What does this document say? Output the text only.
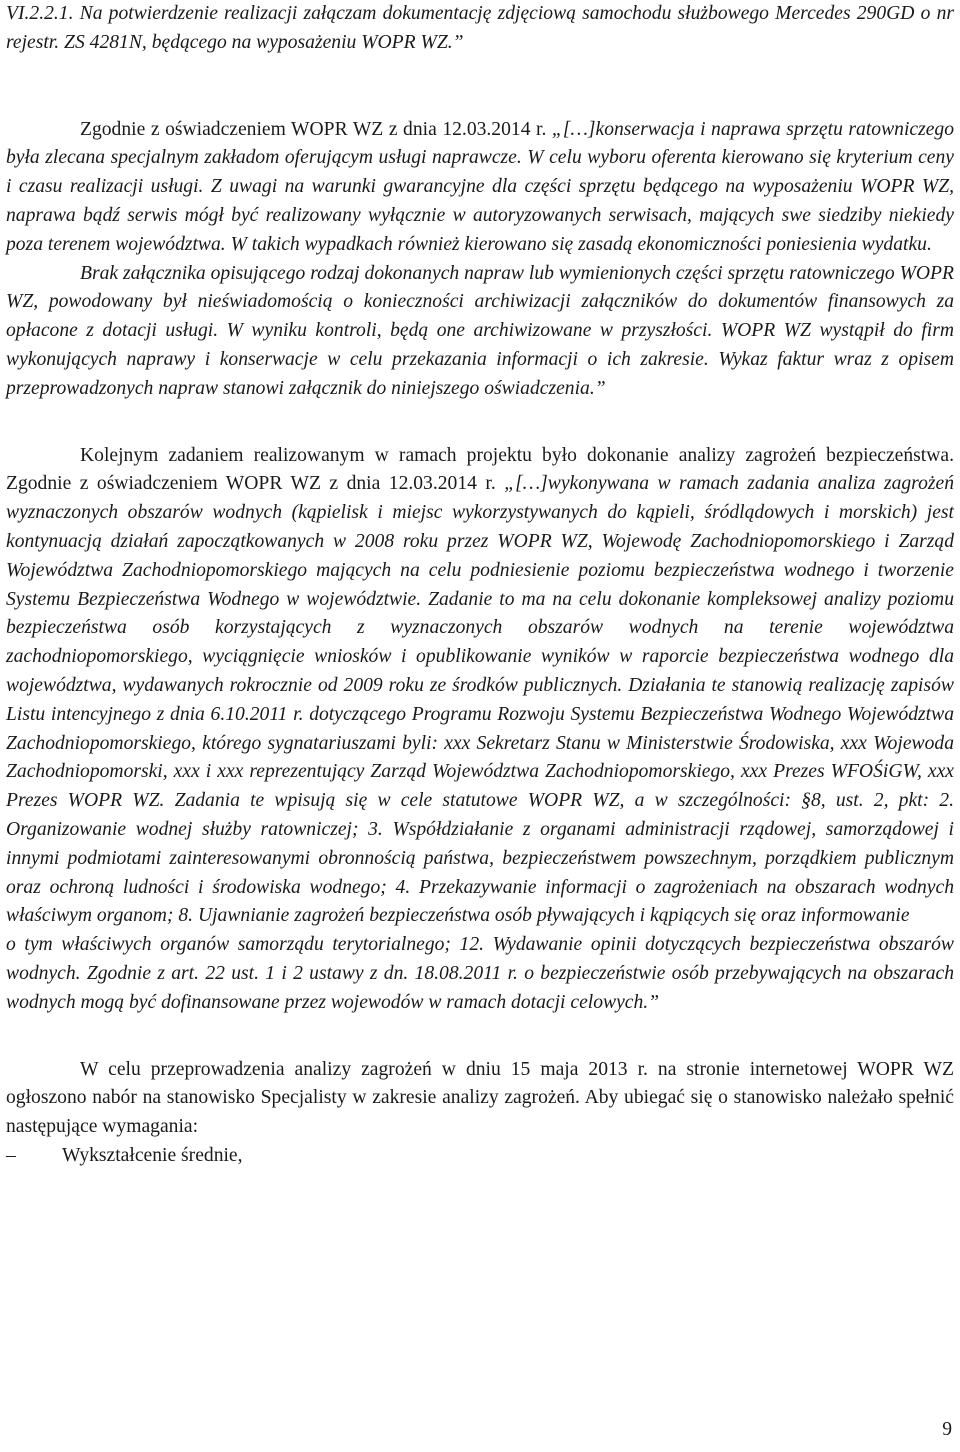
VI.2.2.1. Na potwierdzenie realizacji załączam dokumentację zdjęciową samochodu służbowego Mercedes 290GD o nr rejestr. ZS 4281N, będącego na wyposażeniu WOPR WZ.”

Zgodnie z oświadczeniem WOPR WZ z dnia 12.03.2014 r. „[…]konserwacja i naprawa sprzętu ratowniczego była zlecana specjalnym zakładom oferującym usługi naprawcze. W celu wyboru oferenta kierowano się kryterium ceny i czasu realizacji usługi. Z uwagi na warunki gwarancyjne dla części sprzętu będącego na wyposażeniu WOPR WZ, naprawa bądź serwis mógł być realizowany wyłącznie w autoryzowanych serwisach, mających swe siedziby niekiedy poza terenem województwa. W takich wypadkach również kierowano się zasadą ekonomiczności poniesienia wydatku.

Brak załącznika opisującego rodzaj dokonanych napraw lub wymienionych części sprzętu ratowniczego WOPR WZ, powodowany był nieświadomością o konieczności archiwizacji załączników do dokumentów finansowych za opłacone z dotacji usługi. W wyniku kontroli, będą one archiwizowane w przyszłości. WOPR WZ wystąpił do firm wykonujących naprawy i konserwacje w celu przekazania informacji o ich zakresie. Wykaz faktur wraz z opisem przeprowadzonych napraw stanowi załącznik do niniejszego oświadczenia.”

Kolejnym zadaniem realizowanym w ramach projektu było dokonanie analizy zagrożeń bezpieczeństwa. Zgodnie z oświadczeniem WOPR WZ z dnia 12.03.2014 r. „[…]wykonywana w ramach zadania analiza zagrożeń wyznaczonych obszarów wodnych (kąpielisk i miejsc wykorzystywanych do kąpieli, śródlądowych i morskich) jest kontynuacją działań zapoczątkowanych w 2008 roku przez WOPR WZ, Wojewodę Zachodniopomorskiego i Zarząd Województwa Zachodniopomorskiego mających na celu podniesienie poziomu bezpieczeństwa wodnego i tworzenie Systemu Bezpieczeństwa Wodnego w województwie. Zadanie to ma na celu dokonanie kompleksowej analizy poziomu bezpieczeństwa osób korzystających z wyznaczonych obszarów wodnych na terenie województwa zachodniopomorskiego, wyciągnięcie wniosków i opublikowanie wyników w raporcie bezpieczeństwa wodnego dla województwa, wydawanych rokrocznie od 2009 roku ze środków publicznych. Działania te stanowią realizację zapisów Listu intencyjnego z dnia 6.10.2011 r. dotyczącego Programu Rozwoju Systemu Bezpieczeństwa Wodnego Województwa Zachodniopomorskiego, którego sygnatariuszami byli: xxx Sekretarz Stanu w Ministerstwie Środowiska, xxx Wojewoda Zachodniopomorski, xxx i xxx reprezentujący Zarząd Województwa Zachodniopomorskiego, xxx Prezes WFOŚiGW, xxx Prezes WOPR WZ. Zadania te wpisują się w cele statutowe WOPR WZ, a w szczególności: §8, ust. 2, pkt: 2. Organizowanie wodnej służby ratowniczej; 3. Współdziałanie z organami administracji rządowej, samorządowej i innymi podmiotami zainteresowanymi obronnością państwa, bezpieczeństwem powszechnym, porządkiem publicznym oraz ochroną ludności i środowiska wodnego; 4. Przekazywanie informacji o zagrożeniach na obszarach wodnych właściwym organom; 8. Ujawnianie zagrożeń bezpieczeństwa osób pływających i kąpiących się oraz informowanie
o tym właściwych organów samorządu terytorialnego; 12. Wydawanie opinii dotyczących bezpieczeństwa obszarów wodnych. Zgodnie z art. 22 ust. 1 i 2 ustawy z dn. 18.08.2011 r. o bezpieczeństwie osób przebywających na obszarach wodnych mogą być dofinansowane przez wojewodów w ramach dotacji celowych.”

W celu przeprowadzenia analizy zagrożeń w dniu 15 maja 2013 r. na stronie internetowej WOPR WZ ogłoszono nabór na stanowisko Specjalisty w zakresie analizy zagrożeń. Aby ubiegać się o stanowisko należało spełnić następujące wymagania:

– Wykształcenie średnie,

9
